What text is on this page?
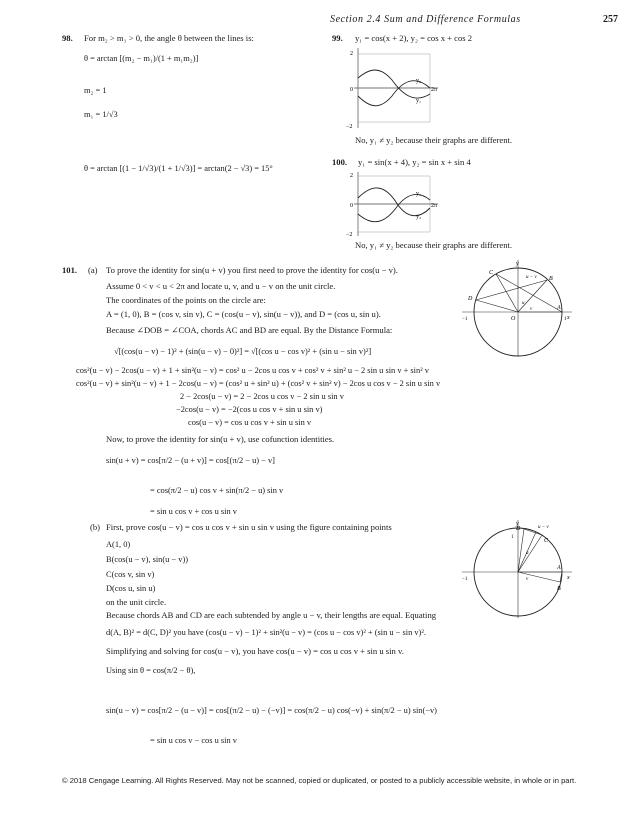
Section 2.4 Sum and Difference Formulas	257
98. For m₂ > m₁ > 0, the angle θ between the lines is:
θ = arctan [(m₂ − m₁)/(1 + m₁m₂)]
m₂ = 1
m₁ = 1/√3
θ = arctan [(1 − 1/√3)/(1 + 1/√3)] = arctan(2 − √3) = 15°
99. y₁ = cos(x + 2), y₂ = cos x + cos 2
2
0
−2
2π
y₂
y₁
No, y₁ ≠ y₂ because their graphs are different.
100. y₁ = sin(x + 4), y₂ = sin x + sin 4
2
0
−2
2π
y₁
y₂
No, y₁ ≠ y₂ because their graphs are different.
101. (a) To prove the identity for sin(u + v) you first need to prove the identity for cos(u − v).
Assume 0 < v < u < 2π and locate u, v, and u − v on the unit circle.
The coordinates of the points on the circle are:
A = (1, 0), B = (cos v, sin v), C = (cos(u − v), sin(u − v)), and D = (cos u, sin u).
Because ∠DOB = ∠COA, chords AC and BD are equal. By the Distance Formula:
y
x
C
B
D
A
O	1
−1
u − v
u
v
√[(cos(u − v) − 1)² + (sin(u − v) − 0)²] = √[(cos u − cos v)² + (sin u − sin v)²]
cos²(u − v) − 2cos(u − v) + 1 + sin²(u − v) = cos² u − 2cos u cos v + cos² v + sin² u − 2 sin u sin v + sin² v
cos²(u − v) + sin²(u − v) + 1 − 2cos(u − v) = (cos² u + sin² u) + (cos² v + sin² v) − 2cos u cos v − 2 sin u sin v
2 − 2cos(u − v) = 2 − 2cos u cos v − 2 sin u sin v
−2cos(u − v) = −2(cos u cos v + sin u sin v)
cos(u − v) = cos u cos v + sin u sin v
Now, to prove the identity for sin(u + v), use cofunction identities.
sin(u + v) = cos[π/2 − (u + v)] = cos[(π/2 − u) − v]
= cos(π/2 − u) cos v + sin(π/2 − u) sin v
= sin u cos v + cos u sin v
(b) First, prove cos(u − v) = cos u cos v + sin u sin v using the figure containing points
A(1, 0)
B(cos(u − v), sin(u − v))
C(cos v, sin v)
D(cos u, sin u)
on the unit circle.
Because chords AB and CD are each subtended by angle u − v, their lengths are equal. Equating
d(A, B)² = d(C, D)² you have (cos(u − v) − 1)² + sin²(u − v) = (cos u − cos v)² + (sin u − sin v)².
Simplifying and solving for cos(u − v), you have cos(u − v) = cos u cos v + sin u sin v.
Using sin θ = cos(π/2 − θ),
sin(u − v) = cos[π/2 − (u − v)] = cos[(π/2 − u) − (−v)] = cos(π/2 − u) cos(−v) + sin(π/2 − u) sin(−v)
= sin u cos v − cos u sin v
y
x
D
C
A
B
1
−1
u − v
u
v
© 2018 Cengage Learning. All Rights Reserved. May not be scanned, copied or duplicated, or posted to a publicly accessible website, in whole or in part.
